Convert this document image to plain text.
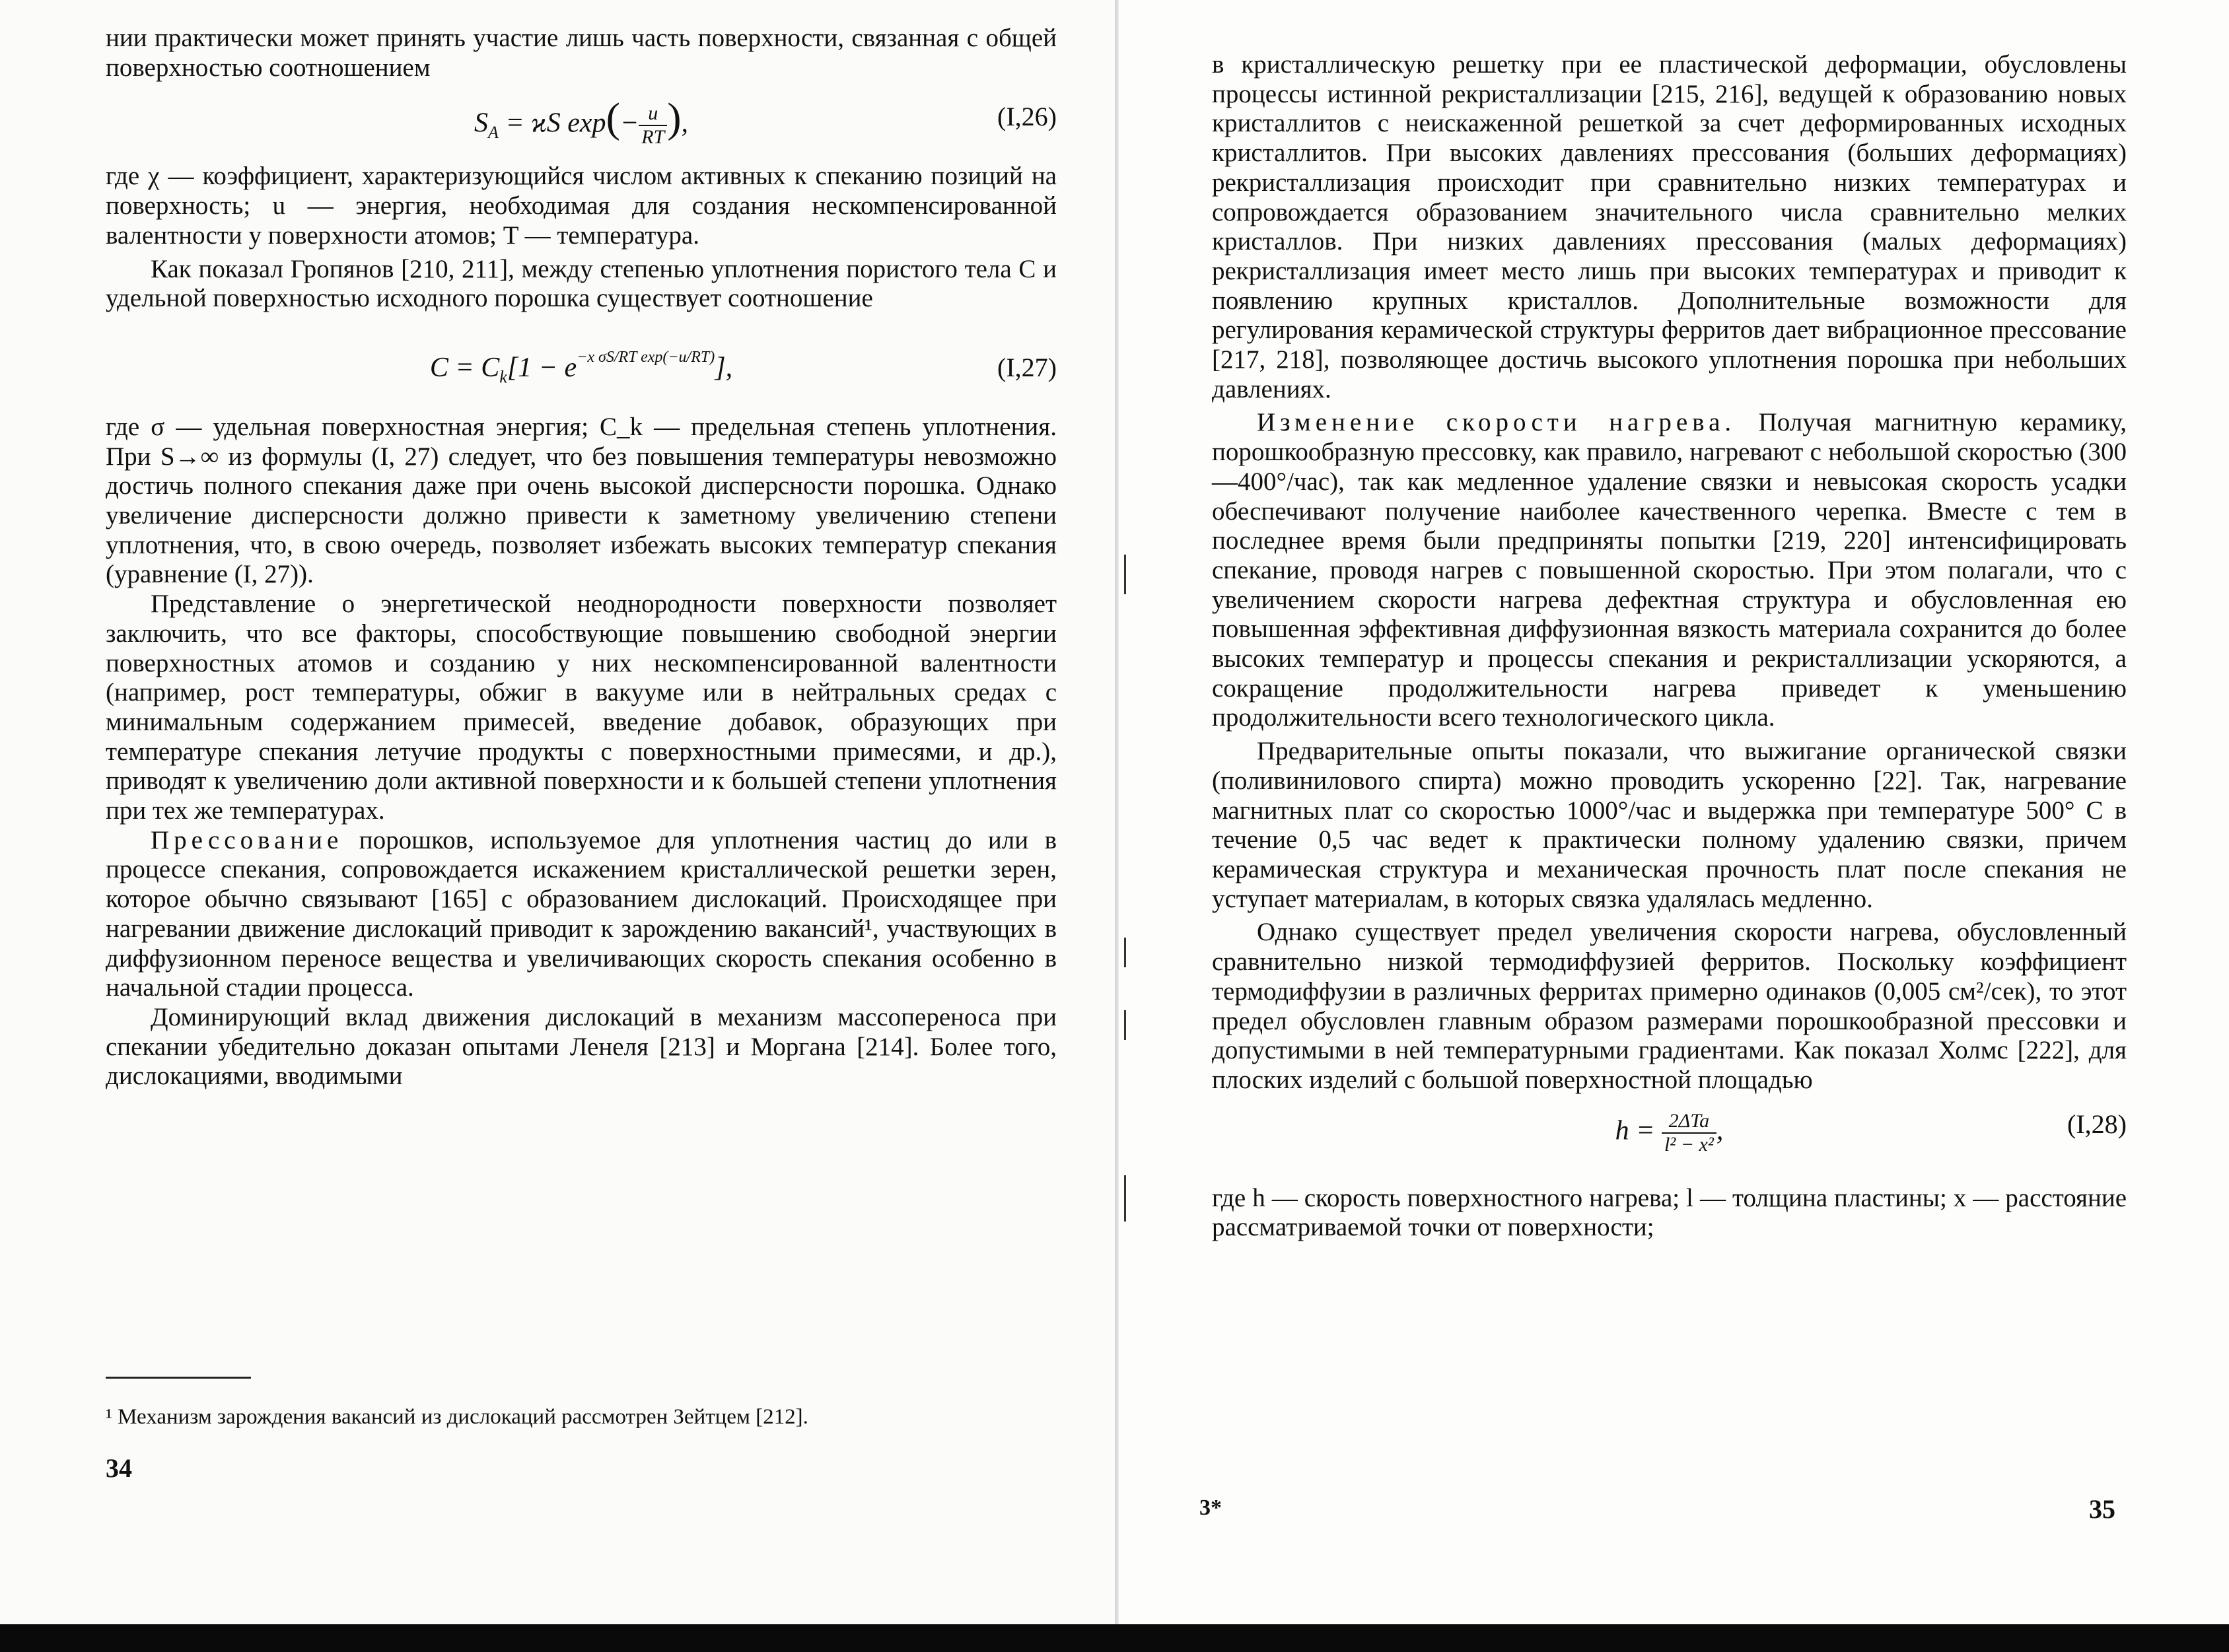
нии практически может принять участие лишь часть поверхности, связанная с общей поверхностью соотношением

$S_A = ϰS$ $\exp(- \frac{u}{RT}$ ),	(I,26)

где χ — коэффициент, характеризующийся числом активных к спеканию позиций на поверхность; u — энергия, необходимая для создания нескомпенсированной валентности у поверхности атомов; T — температура.

Как показал Гропянов [210, 211], между степенью уплотнения пористого тела C и удельной поверхностью исходного порошка существует соотношение

$C = C_k[1 - e^{-x \sigma S/RT exp(-u/RT)}]$,	(I,27)

где σ — удельная поверхностная энергия; C_k — предельная степень уплотнения. При S→∞ из формулы (I, 27) следует, что без повышения температуры невозможно достичь полного спекания даже при очень высокой дисперсности порошка. Однако увеличение дисперсности должно привести к заметному увеличению степени уплотнения, что, в свою очередь, позволяет избежать высоких температур спекания (уравнение (I, 27)).

Представление о энергетической неоднородности поверхности позволяет заключить, что все факторы, способствующие повышению свободной энергии поверхностных атомов и созданию у них нескомпенсированной валентности (например, рост температуры, обжиг в вакууме или в нейтральных средах с минимальным содержанием примесей, введение добавок, образующих при температуре спекания летучие продукты с поверхностными примесями, и др.), приводят к увеличению доли активной поверхности и к большей степени уплотнения при тех же температурах.

Прессование порошков, используемое для уплотнения частиц до или в процессе спекания, сопровождается искажением кристаллической решетки зерен, которое обычно связывают [165] с образованием дислокаций. Происходящее при нагревании движение дислокаций приводит к зарождению вакансий¹, участвующих в диффузионном переносе вещества и увеличивающих скорость спекания особенно в начальной стадии процесса.

Доминирующий вклад движения дислокаций в механизм массопереноса при спекании убедительно доказан опытами Ленеля [213] и Моргана [214]. Более того, дислокациями, вводимыми

¹ Механизм зарождения вакансий из дислокаций рассмотрен Зейтцем [212].
34

в кристаллическую решетку при ее пластической деформации, обусловлены процессы истинной рекристаллизации [215, 216], ведущей к образованию новых кристаллитов с неискаженной решеткой за счет деформированных исходных кристаллитов. При высоких давлениях прессования (больших деформациях) рекристаллизация происходит при сравнительно низких температурах и сопровождается образованием значительного числа сравнительно мелких кристаллов. При низких давлениях прессования (малых деформациях) рекристаллизация имеет место лишь при высоких температурах и приводит к появлению крупных кристаллов. Дополнительные возможности для регулирования керамической структуры ферритов дает вибрационное прессование [217, 218], позволяющее достичь высокого уплотнения порошка при небольших давлениях.

Изменение скорости нагрева. Получая магнитную керамику, порошкообразную прессовку, как правило, нагревают с небольшой скоростью (300—400°/час), так как медленное удаление связки и невысокая скорость усадки обеспечивают получение наиболее качественного черепка. Вместе с тем в последнее время были предприняты попытки [219, 220] интенсифицировать спекание, проводя нагрев с повышенной скоростью. При этом полагали, что с увеличением скорости нагрева дефектная структура и обусловленная ею повышенная эффективная диффузионная вязкость материала сохранится до более высоких температур и процессы спекания и рекристаллизации ускоряются, а сокращение продолжительности нагрева приведет к уменьшению продолжительности всего технологического цикла.

Предварительные опыты показали, что выжигание органической связки (поливинилового спирта) можно проводить ускоренно [22]. Так, нагревание магнитных плат со скоростью 1000°/час и выдержка при температуре 500° C в течение 0,5 час ведет к практически полному удалению связки, причем керамическая структура и механическая прочность плат после спекания не уступает материалам, в которых связка удалялась медленно.

Однако существует предел увеличения скорости нагрева, обусловленный сравнительно низкой термодиффузией ферритов. Поскольку коэффициент термодиффузии в различных ферритах примерно одинаков (0,005 см²/сек), то этот предел обусловлен главным образом размерами порошкообразной прессовки и допустимыми в ней температурными градиентами. Как показал Холмс [222], для плоских изделий с большой поверхностной площадью

$h = \frac{\text{2ΔTa}}{\text{l² − x²}}$ ,	(I,28)

где h — скорость поверхностного нагрева; l — толщина пластины; x — расстояние рассматриваемой точки от поверхности;

3*	35
